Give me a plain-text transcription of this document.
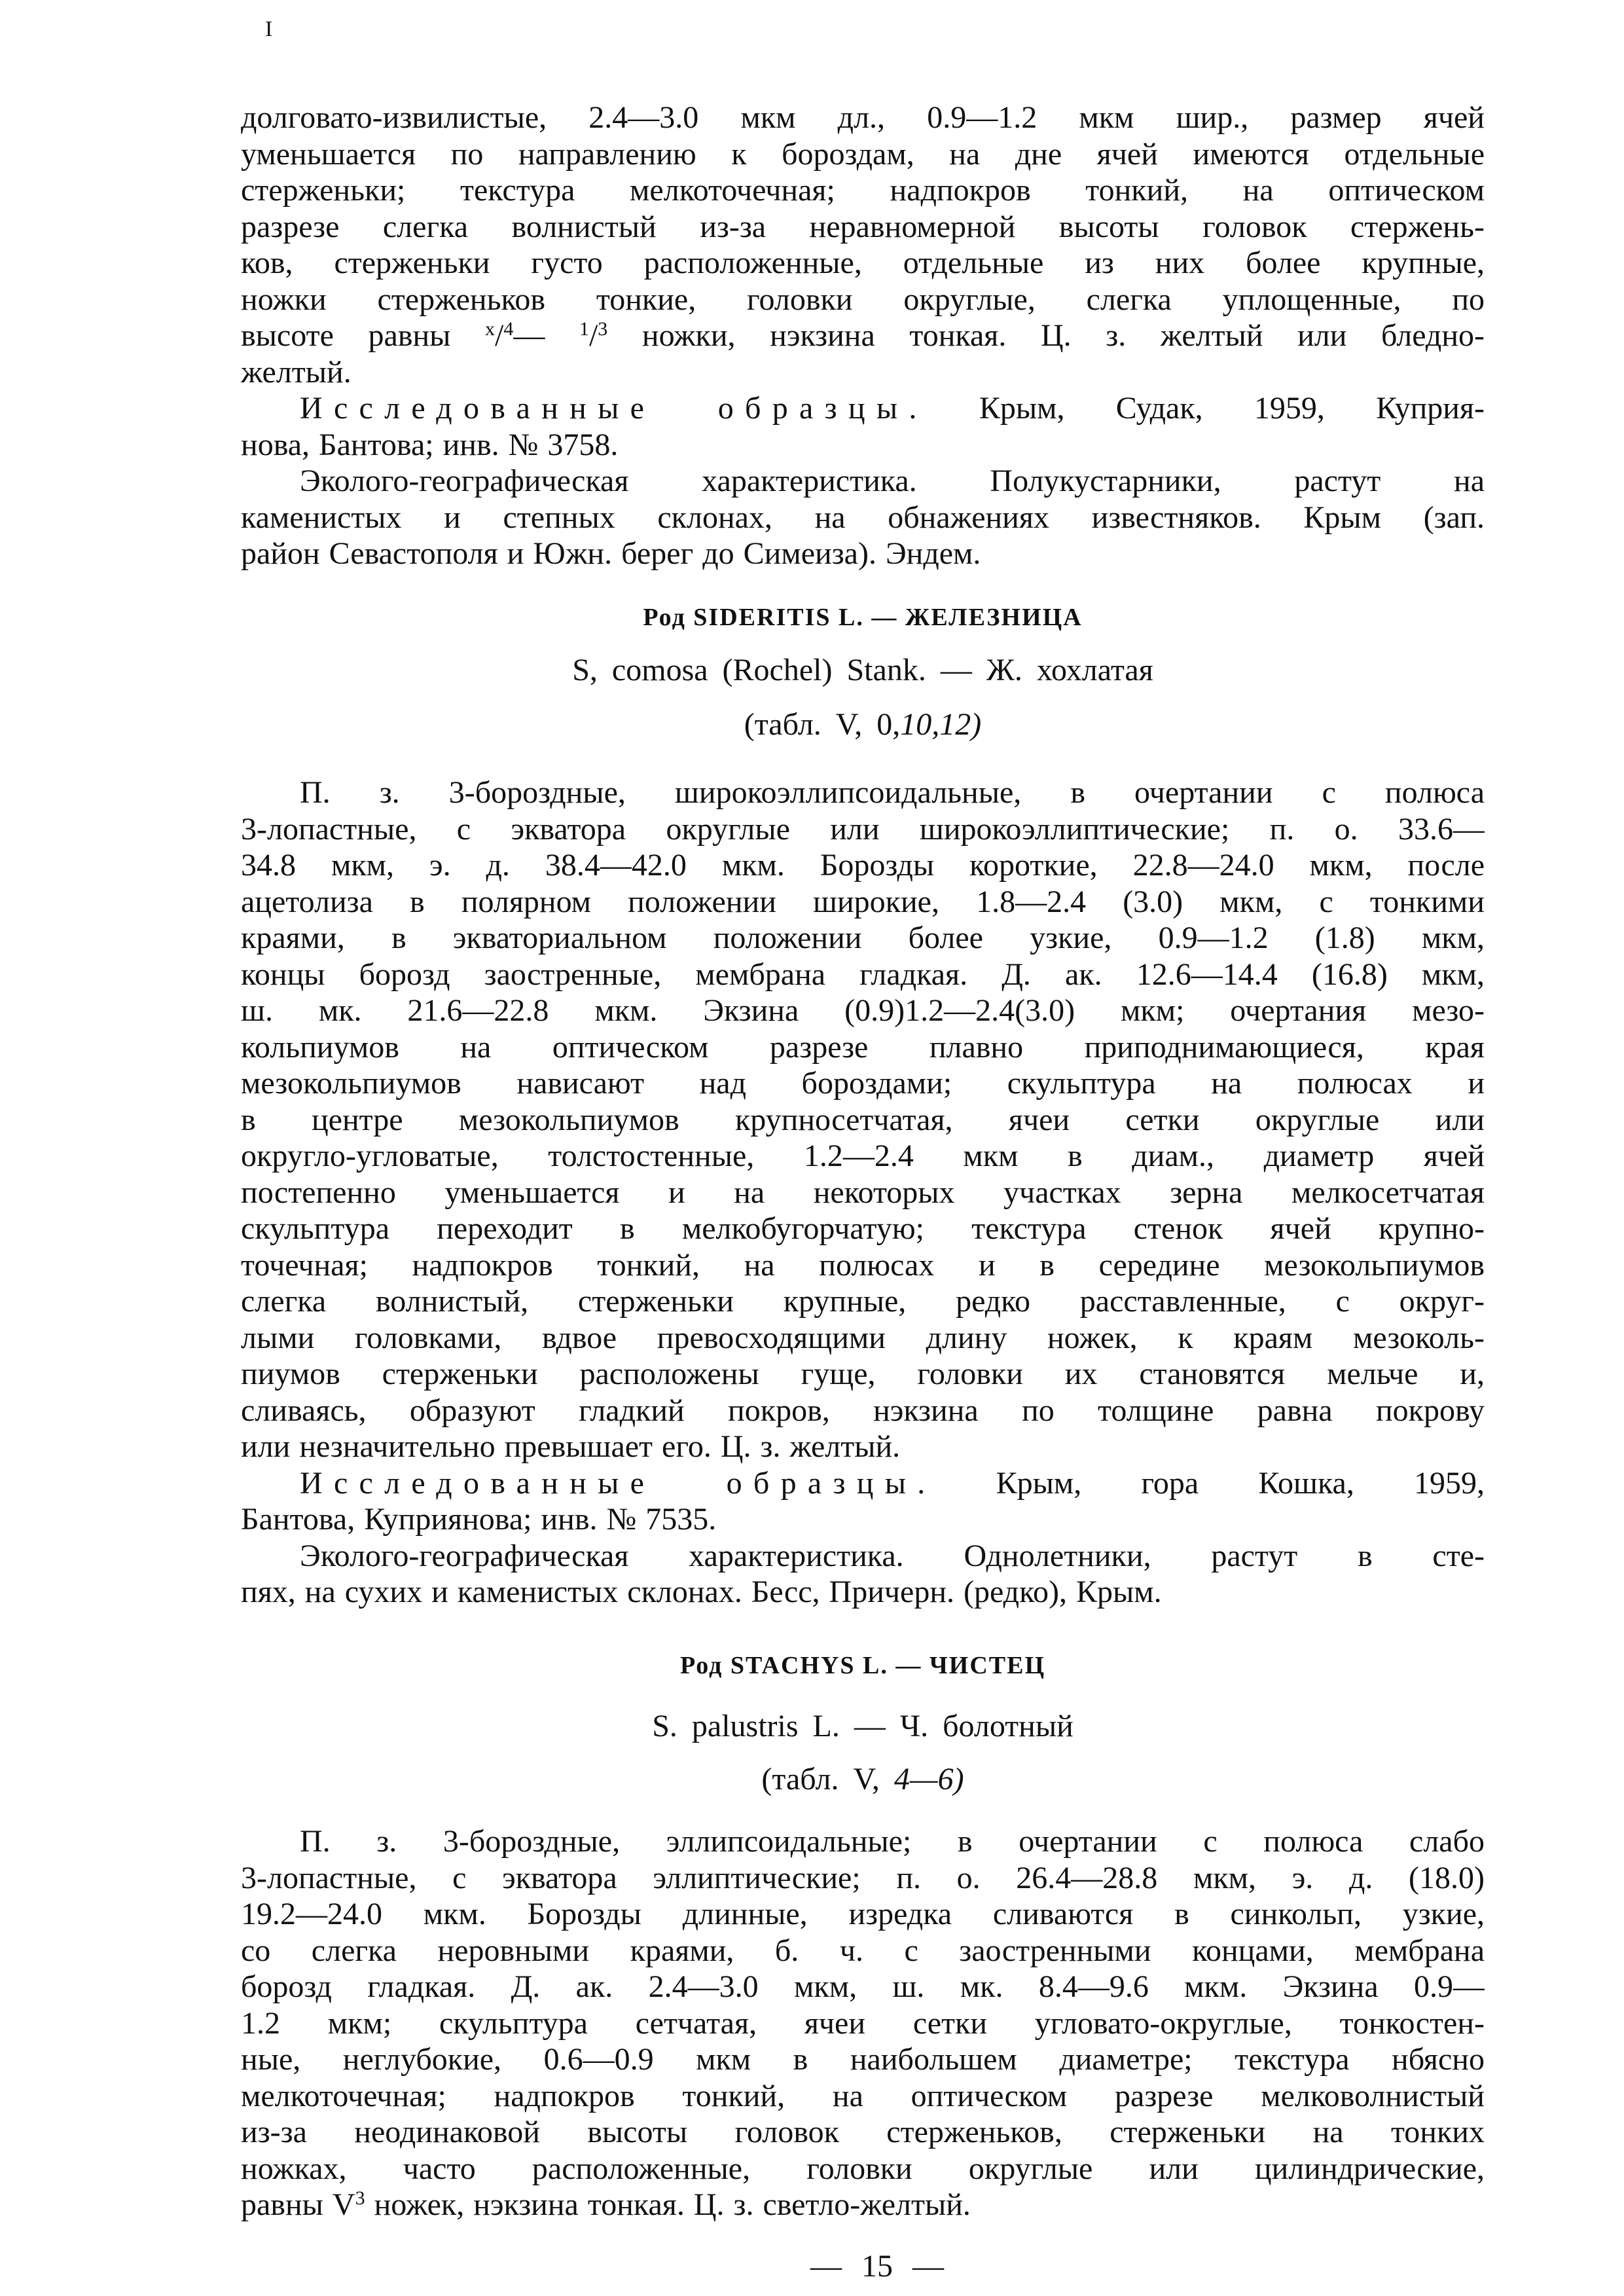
I
долговато-извилистые, 2.4—3.0 мкм дл., 0.9—1.2 мкм шир., размер ячей
уменьшается по направлению к бороздам, на дне ячей имеются отдельные
стерженьки; текстура мелкоточечная; надпокров тонкий, на оптическом
разрезе слегка волнистый из-за неравномерной высоты головок стержень-
ков, стерженьки густо расположенные, отдельные из них более крупные,
ножки стерженьков тонкие, головки округлые, слегка уплощенные, по
высоте равны $^x$/$^4$— $^1$/$^3$ ножки, нэкзина тонкая. Ц. з. желтый или бледно-
желтый.
Исследованные образцы. Крым, Судак, 1959, Куприя-
нова, Бантова; инв. № 3758.
Эколого-географическая характеристика. Полукустарники, растут на
каменистых и степных склонах, на обнажениях известняков. Крым (зап.
район Севастополя и Южн. берег до Симеиза). Эндем.
Род SIDERITIS L. — ЖЕЛЕЗНИЦА
S, comosa (Rochel) Stank. — Ж. хохлатая
(табл. V, 0,10,12)
П. з. 3-бороздные, широкоэллипсоидальные, в очертании с полюса
3-лопастные, с экватора округлые или широкоэллиптические; п. о. 33.6—
34.8 мкм, э. д. 38.4—42.0 мкм. Борозды короткие, 22.8—24.0 мкм, после
ацетолиза в полярном положении широкие, 1.8—2.4 (3.0) мкм, с тонкими
краями, в экваториальном положении более узкие, 0.9—1.2 (1.8) мкм,
концы борозд заостренные, мембрана гладкая. Д. ак. 12.6—14.4 (16.8) мкм,
ш. мк. 21.6—22.8 мкм. Экзина (0.9)1.2—2.4(3.0) мкм; очертания мезо-
кольпиумов на оптическом разрезе плавно приподнимающиеся, края
мезокольпиумов нависают над бороздами; скульптура на полюсах и
в центре мезокольпиумов крупносетчатая, ячеи сетки округлые или
округло-угловатые, толстостенные, 1.2—2.4 мкм в диам., диаметр ячей
постепенно уменьшается и на некоторых участках зерна мелкосетчатая
скульптура переходит в мелкобугорчатую; текстура стенок ячей крупно-
точечная; надпокров тонкий, на полюсах и в середине мезокольпиумов
слегка волнистый, стерженьки крупные, редко расставленные, с округ-
лыми головками, вдвое превосходящими длину ножек, к краям мезоколь-
пиумов стерженьки расположены гуще, головки их становятся мельче и,
сливаясь, образуют гладкий покров, нэкзина по толщине равна покрову
или незначительно превышает его. Ц. з. желтый.
Исследованные образцы. Крым, гора Кошка, 1959,
Бантова, Куприянова; инв. № 7535.
Эколого-географическая характеристика. Однолетники, растут в сте-
пях, на сухих и каменистых склонах. Бесс, Причерн. (редко), Крым.
Род STACHYS L. — ЧИСТЕЦ
S. palustris L. — Ч. болотный
(табл. V, 4—6)
П. з. 3-бороздные, эллипсоидальные; в очертании с полюса слабо
3-лопастные, с экватора эллиптические; п. о. 26.4—28.8 мкм, э. д. (18.0)
19.2—24.0 мкм. Борозды длинные, изредка сливаются в синкольп, узкие,
со слегка неровными краями, б. ч. с заостренными концами, мембрана
борозд гладкая. Д. ак. 2.4—3.0 мкм, ш. мк. 8.4—9.6 мкм. Экзина 0.9—
1.2 мкм; скульптура сетчатая, ячеи сетки угловато-округлые, тонкостен-
ные, неглубокие, 0.6—0.9 мкм в наибольшем диаметре; текстура нбясно
мелкоточечная; надпокров тонкий, на оптическом разрезе мелковолнистый
из-за неодинаковой высоты головок стерженьков, стерженьки на тонких
ножках, часто расположенные, головки округлые или цилиндрические,
равны $V^3$ ножек, нэкзина тонкая. Ц. з. светло-желтый.
— 15 —
